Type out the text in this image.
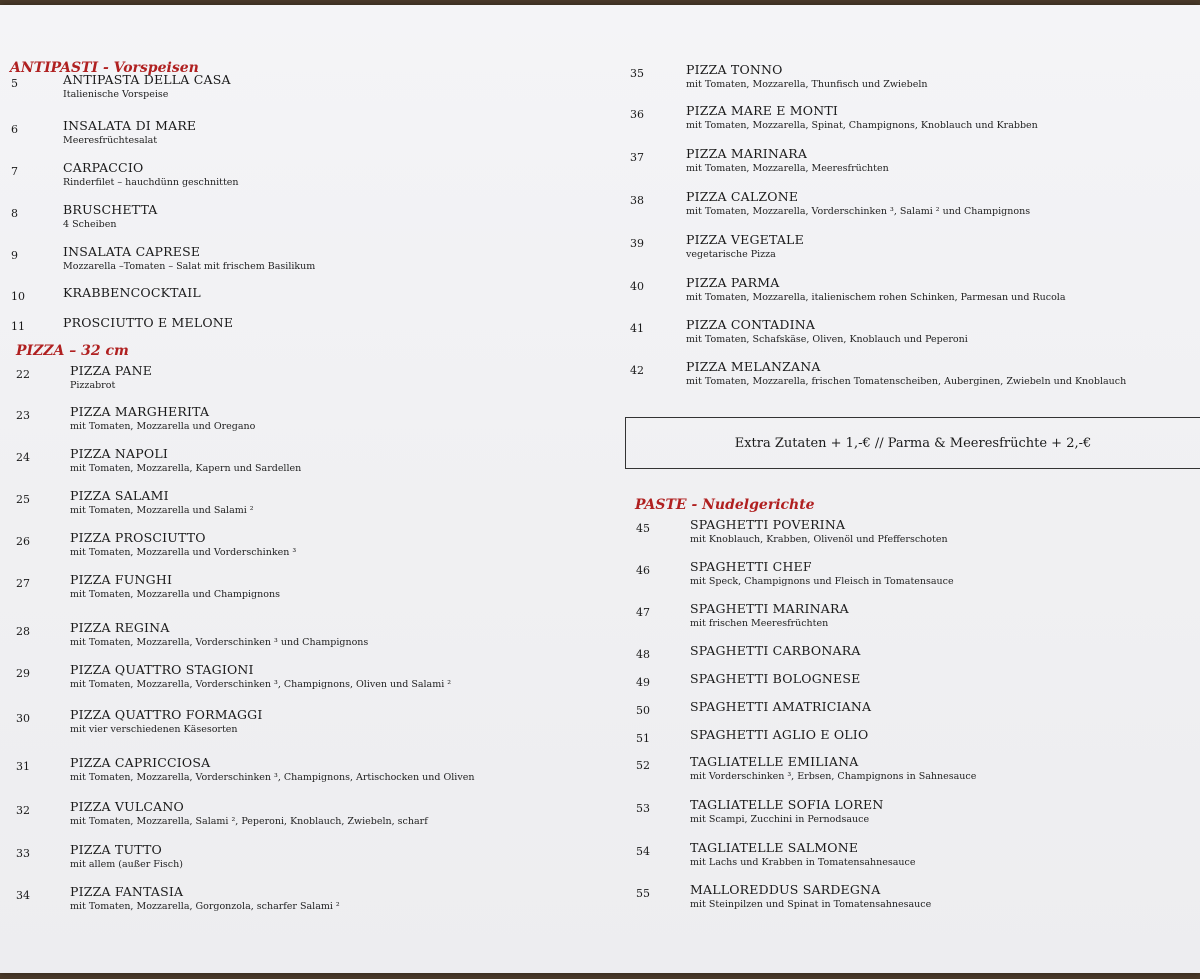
ANTIPASTI - Vorspeisen
PIZZA – 32 cm
PASTE - Nudelgerichte
Extra Zutaten + 1,-€ // Parma & Meeresfrüchte + 2,-€
5	ANTIPASTA DELLA CASA
Italienische Vorspeise
6	INSALATA DI MARE
Meeresfrüchtesalat
7	CARPACCIO
Rinderfilet – hauchdünn geschnitten
8	BRUSCHETTA
4 Scheiben
9	INSALATA CAPRESE
Mozzarella –Tomaten – Salat mit frischem Basilikum
10	KRABBENCOCKTAIL
11	PROSCIUTTO E MELONE
22	PIZZA PANE
Pizzabrot
23	PIZZA MARGHERITA
mit Tomaten, Mozzarella und Oregano
24	PIZZA NAPOLI
mit Tomaten, Mozzarella, Kapern und Sardellen
25	PIZZA SALAMI
mit Tomaten, Mozzarella und Salami ²
26	PIZZA PROSCIUTTO
mit Tomaten, Mozzarella und Vorderschinken ³
27	PIZZA FUNGHI
mit Tomaten, Mozzarella und Champignons
28	PIZZA REGINA
mit Tomaten, Mozzarella, Vorderschinken ³ und Champignons
29	PIZZA QUATTRO STAGIONI
mit Tomaten, Mozzarella, Vorderschinken ³, Champignons, Oliven und Salami ²
30	PIZZA QUATTRO FORMAGGI
mit vier verschiedenen Käsesorten
31	PIZZA CAPRICCIOSA
mit Tomaten, Mozzarella, Vorderschinken ³, Champignons, Artischocken und Oliven
32	PIZZA VULCANO
mit Tomaten, Mozzarella, Salami ², Peperoni, Knoblauch, Zwiebeln, scharf
33	PIZZA TUTTO
mit allem (außer Fisch)
34	PIZZA FANTASIA
mit Tomaten, Mozzarella, Gorgonzola, scharfer Salami ²
35	PIZZA TONNO
mit Tomaten, Mozzarella, Thunfisch und Zwiebeln
36	PIZZA MARE E MONTI
mit Tomaten, Mozzarella, Spinat, Champignons, Knoblauch und Krabben
37	PIZZA MARINARA
mit Tomaten, Mozzarella, Meeresfrüchten
38	PIZZA CALZONE
mit Tomaten, Mozzarella, Vorderschinken ³, Salami ² und Champignons
39	PIZZA VEGETALE
vegetarische Pizza
40	PIZZA PARMA
mit Tomaten, Mozzarella, italienischem rohen Schinken, Parmesan und Rucola
41	PIZZA CONTADINA
mit Tomaten, Schafskäse, Oliven, Knoblauch und Peperoni
42	PIZZA MELANZANA
mit Tomaten, Mozzarella, frischen Tomatenscheiben, Auberginen, Zwiebeln und Knoblauch
45	SPAGHETTI POVERINA
mit Knoblauch, Krabben, Olivenöl und Pfefferschoten
46	SPAGHETTI CHEF
mit Speck, Champignons und Fleisch in Tomatensauce
47	SPAGHETTI MARINARA
mit frischen Meeresfrüchten
48	SPAGHETTI CARBONARA
49	SPAGHETTI BOLOGNESE
50	SPAGHETTI AMATRICIANA
51	SPAGHETTI AGLIO E OLIO
52	TAGLIATELLE EMILIANA
mit Vorderschinken ³, Erbsen, Champignons in Sahnesauce
53	TAGLIATELLE SOFIA LOREN
mit Scampi, Zucchini in Pernodsauce
54	TAGLIATELLE SALMONE
mit Lachs und Krabben in Tomatensahnesauce
55	MALLOREDDUS SARDEGNA
mit Steinpilzen und Spinat in Tomatensahnesauce
